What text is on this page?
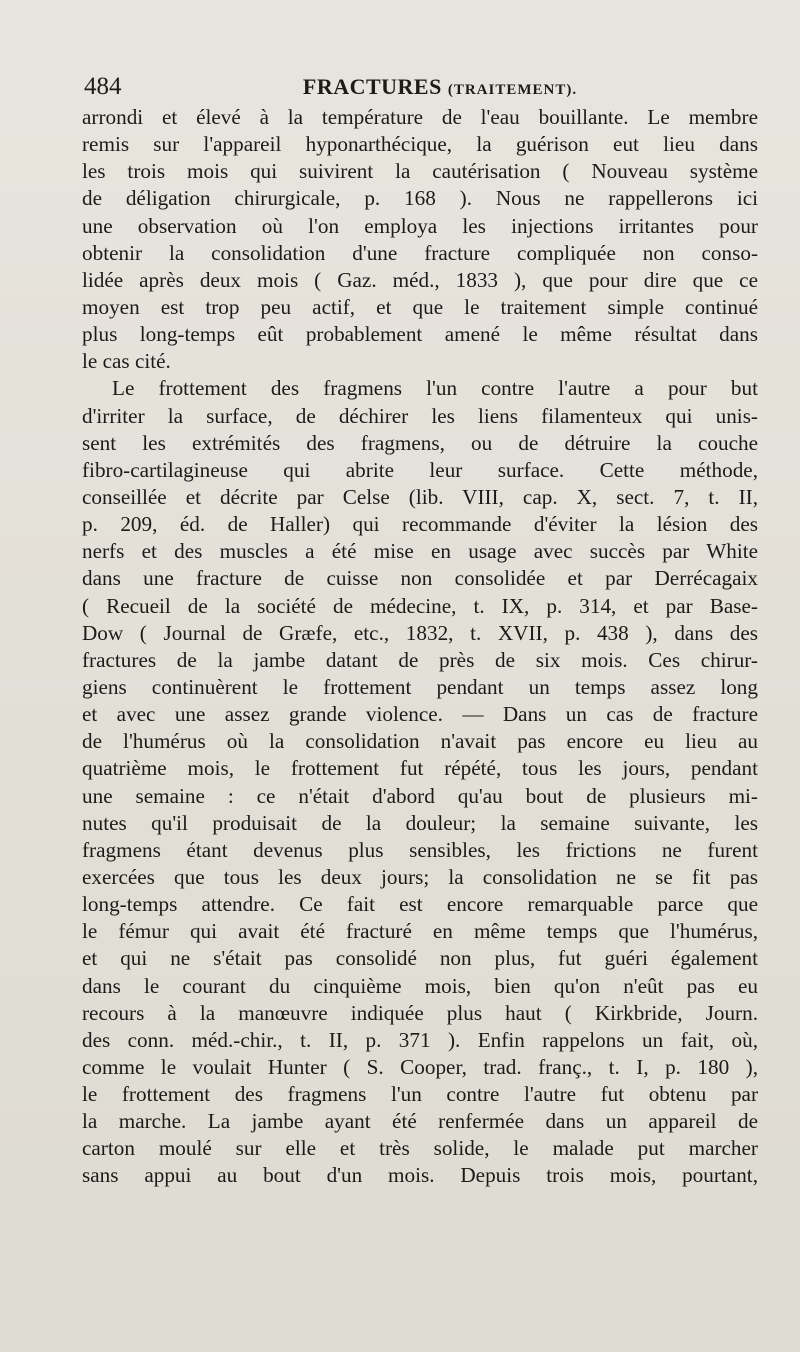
484	FRACTURES (TRAITEMENT).
arrondi et élevé à la température de l'eau bouillante. Le membre
remis sur l'appareil hyponarthécique, la guérison eut lieu dans
les trois mois qui suivirent la cautérisation ( Nouveau système
de déligation chirurgicale, p. 168 ). Nous ne rappellerons ici
une observation où l'on employa les injections irritantes pour
obtenir la consolidation d'une fracture compliquée non conso-
lidée après deux mois ( Gaz. méd., 1833 ), que pour dire que ce
moyen est trop peu actif, et que le traitement simple continué
plus long-temps eût probablement amené le même résultat dans
le cas cité.
Le frottement des fragmens l'un contre l'autre a pour but
d'irriter la surface, de déchirer les liens filamenteux qui unis-
sent les extrémités des fragmens, ou de détruire la couche
fibro-cartilagineuse qui abrite leur surface. Cette méthode,
conseillée et décrite par Celse (lib. VIII, cap. X, sect. 7, t. II,
p. 209, éd. de Haller) qui recommande d'éviter la lésion des
nerfs et des muscles a été mise en usage avec succès par White
dans une fracture de cuisse non consolidée et par Derrécagaix
( Recueil de la société de médecine, t. IX, p. 314, et par Base-
Dow ( Journal de Græfe, etc., 1832, t. XVII, p. 438 ), dans des
fractures de la jambe datant de près de six mois. Ces chirur-
giens continuèrent le frottement pendant un temps assez long
et avec une assez grande violence. — Dans un cas de fracture
de l'humérus où la consolidation n'avait pas encore eu lieu au
quatrième mois, le frottement fut répété, tous les jours, pendant
une semaine : ce n'était d'abord qu'au bout de plusieurs mi-
nutes qu'il produisait de la douleur; la semaine suivante, les
fragmens étant devenus plus sensibles, les frictions ne furent
exercées que tous les deux jours; la consolidation ne se fit pas
long-temps attendre. Ce fait est encore remarquable parce que
le fémur qui avait été fracturé en même temps que l'humérus,
et qui ne s'était pas consolidé non plus, fut guéri également
dans le courant du cinquième mois, bien qu'on n'eût pas eu
recours à la manœuvre indiquée plus haut ( Kirkbride, Journ.
des conn. méd.-chir., t. II, p. 371 ). Enfin rappelons un fait, où,
comme le voulait Hunter ( S. Cooper, trad. franç., t. I, p. 180 ),
le frottement des fragmens l'un contre l'autre fut obtenu par
la marche. La jambe ayant été renfermée dans un appareil de
carton moulé sur elle et très solide, le malade put marcher
sans appui au bout d'un mois. Depuis trois mois, pourtant,
